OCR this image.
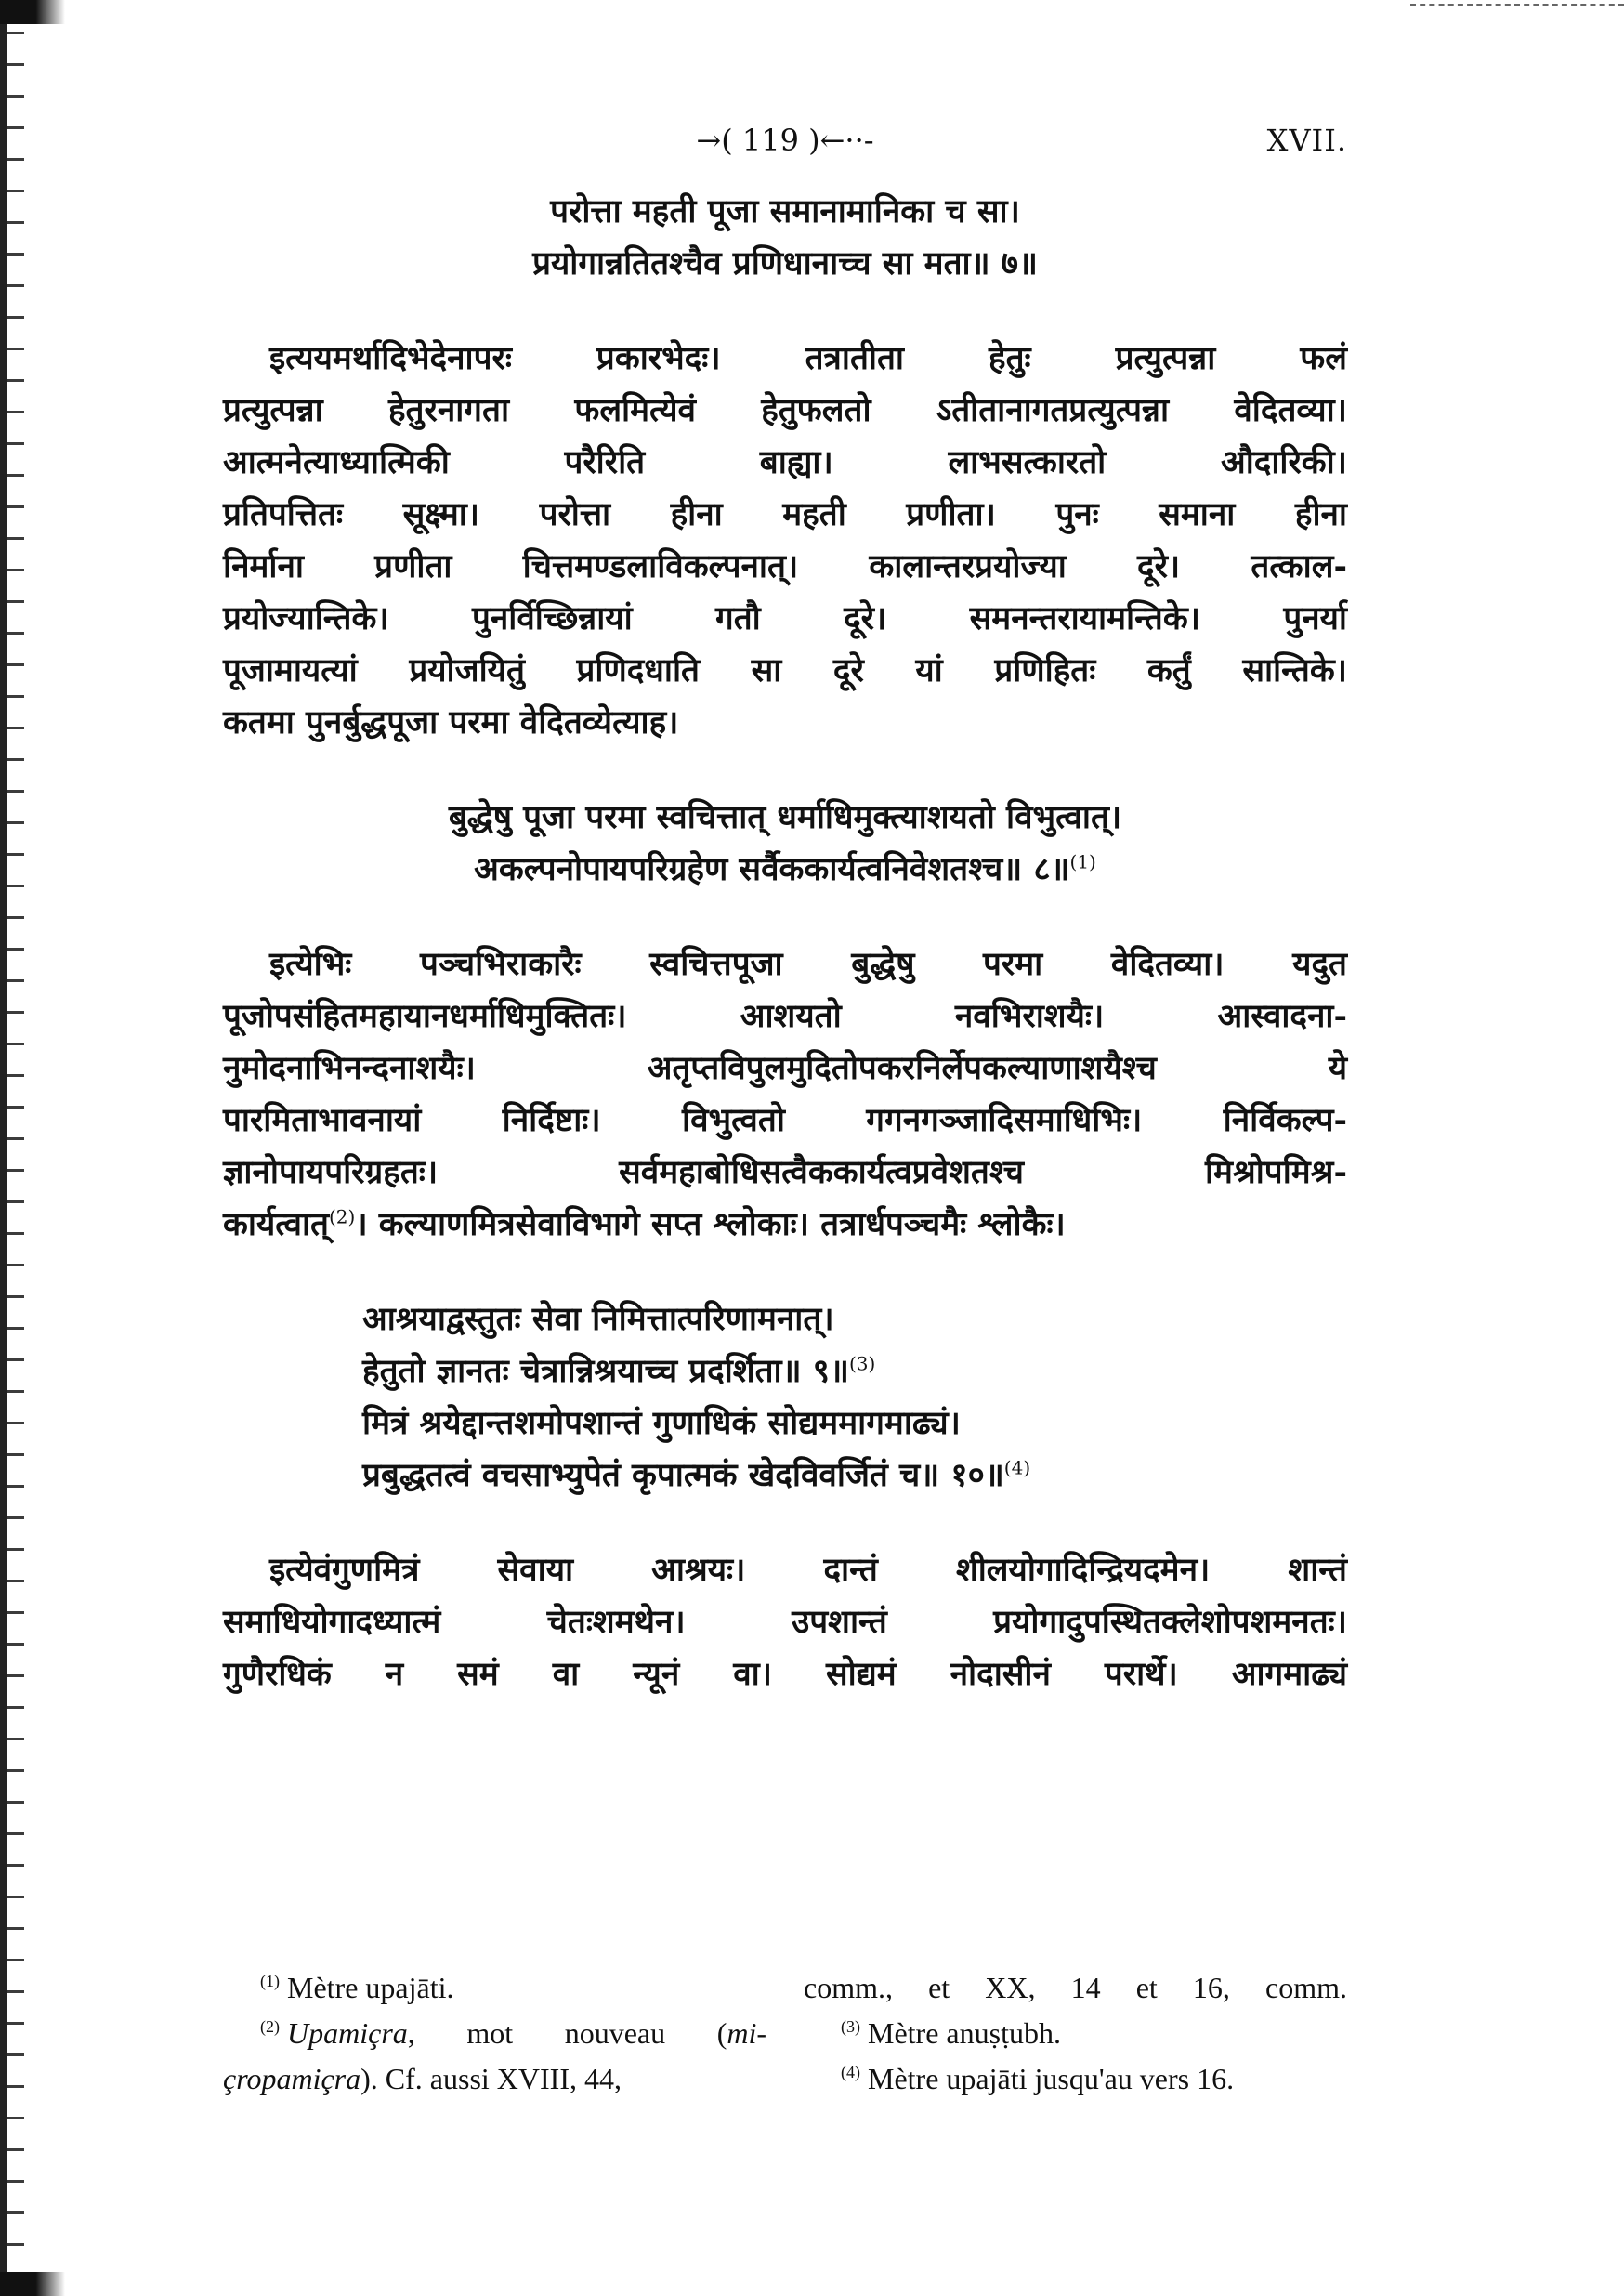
→( 119 )←··-	XVII.
परोत्ता महती पूजा समानामानिका च सा।
प्रयोगान्नतितश्चैव प्रणिधानाच्च सा मता॥ ७॥
इत्ययमर्थादिभेदेनापरः प्रकारभेदः। तत्रातीता हेतुः प्रत्युत्पन्ना फलं
प्रत्युत्पन्ना हेतुरनागता फलमित्येवं हेतुफलतो ऽतीतानागतप्रत्युत्पन्ना वेदितव्या।
आत्मनेत्याध्यात्मिकी परैरिति बाह्या। लाभसत्कारतो औदारिकी।
प्रतिपत्तितः सूक्ष्मा। परोत्ता हीना महती प्रणीता। पुनः समाना हीना
निर्माना प्रणीता चित्तमण्डलाविकल्पनात्। कालान्तरप्रयोज्या दूरे। तत्काल-
प्रयोज्यान्तिके। पुनर्विच्छिन्नायां गतौ दूरे। समनन्तरायामन्तिके। पुनर्या
पूजामायत्यां प्रयोजयितुं प्रणिदधाति सा दूरे यां प्रणिहितः कर्तुं सान्तिके।
कतमा पुनर्बुद्धपूजा परमा वेदितव्येत्याह।
बुद्धेषु पूजा परमा स्वचित्तात् धर्माधिमुक्त्याशयतो विभुत्वात्।
अकल्पनोपायपरिग्रहेण सर्वैककार्यत्वनिवेशतश्च॥ ८॥$^{(1)}$
इत्येभिः पञ्चभिराकारैः स्वचित्तपूजा बुद्धेषु परमा वेदितव्या। यदुत
पूजोपसंहितमहायानधर्माधिमुक्तितः। आशयतो नवभिराशयैः। आस्वादना-
नुमोदनाभिनन्दनाशयैः। अतृप्तविपुलमुदितोपकरनिर्लेपकल्याणाशयैश्च ये
पारमिताभावनायां निर्दिष्टाः। विभुत्वतो गगनगञ्जादिसमाधिभिः। निर्विकल्प-
ज्ञानोपायपरिग्रहतः। सर्वमहाबोधिसत्वैककार्यत्वप्रवेशतश्च मिश्रोपमिश्र-
कार्यत्वात्$^{(2)}$। कल्याणमित्रसेवाविभागे सप्त श्लोकाः। तत्रार्धपञ्चमैः श्लोकैः।
आश्रयाद्वस्तुतः सेवा निमित्तात्परिणामनात्।
हेतुतो ज्ञानतः चेत्रान्निश्रयाच्च प्रदर्शिता॥ ९॥$^{(3)}$
मित्रं श्रयेद्दान्तशमोपशान्तं गुणाधिकं सोद्यममागमाढ्यं।
प्रबुद्धतत्वं वचसाभ्युपेतं कृपात्मकं खेदविवर्जितं च॥ १०॥$^{(4)}$
इत्येवंगुणमित्रं सेवाया आश्रयः। दान्तं शीलयोगादिन्द्रियदमेन। शान्तं
समाधियोगादध्यात्मं चेतःशमथेन। उपशान्तं प्रयोगादुपस्थितक्लेशोपशमनतः।
गुणैरधिकं न समं वा न्यूनं वा। सोद्यमं नोदासीनं परार्थे। आगमाढ्यं
$^{(1)}$ Mètre upajāti.
$^{(2)}$ Upamiçra, mot nouveau (mi-
çropamiçra). Cf. aussi XVIII, 44,
comm., et XX, 14 et 16, comm.
$^{(3)}$ Mètre anuṣṭubh.
$^{(4)}$ Mètre upajāti jusqu'au vers 16.
